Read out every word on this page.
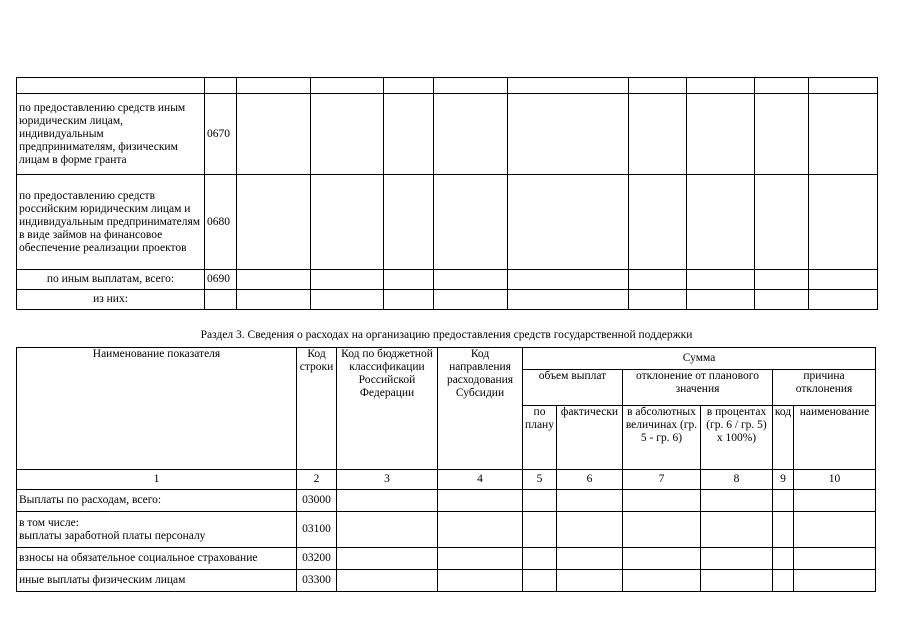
по предоставлению средств иным юридическим лицам, индивидуальным предпринимателям, физическим лицам в форме гранта	0670									
по предоставлению средств российским юридическим лицам и индивидуальным предпринимателям в виде займов на финансовое обеспечение реализации проектов	0680									
по иным выплатам, всего:	0690									
из них:										
Раздел 3. Сведения о расходах на организацию предоставления средств государственной поддержки
Наименование показателя	Код строки	Код по бюджетной классификации Российской Федерации	Код направления расходования Субсидии	Сумма					
				объем выплат		отклонение от планового значения		причина отклонения	
				по плану	фактически	в абсолютных величинах (гр. 5 - гр. 6)	в процентах (гр. 6 / гр. 5) x 100%)	код	наименование
1	2	3	4	5	6	7	8	9	10
Выплаты по расходам, всего:	03000								
в том числе:
выплаты заработной платы персоналу	03100								
взносы на обязательное социальное страхование	03200								
иные выплаты физическим лицам	03300								
